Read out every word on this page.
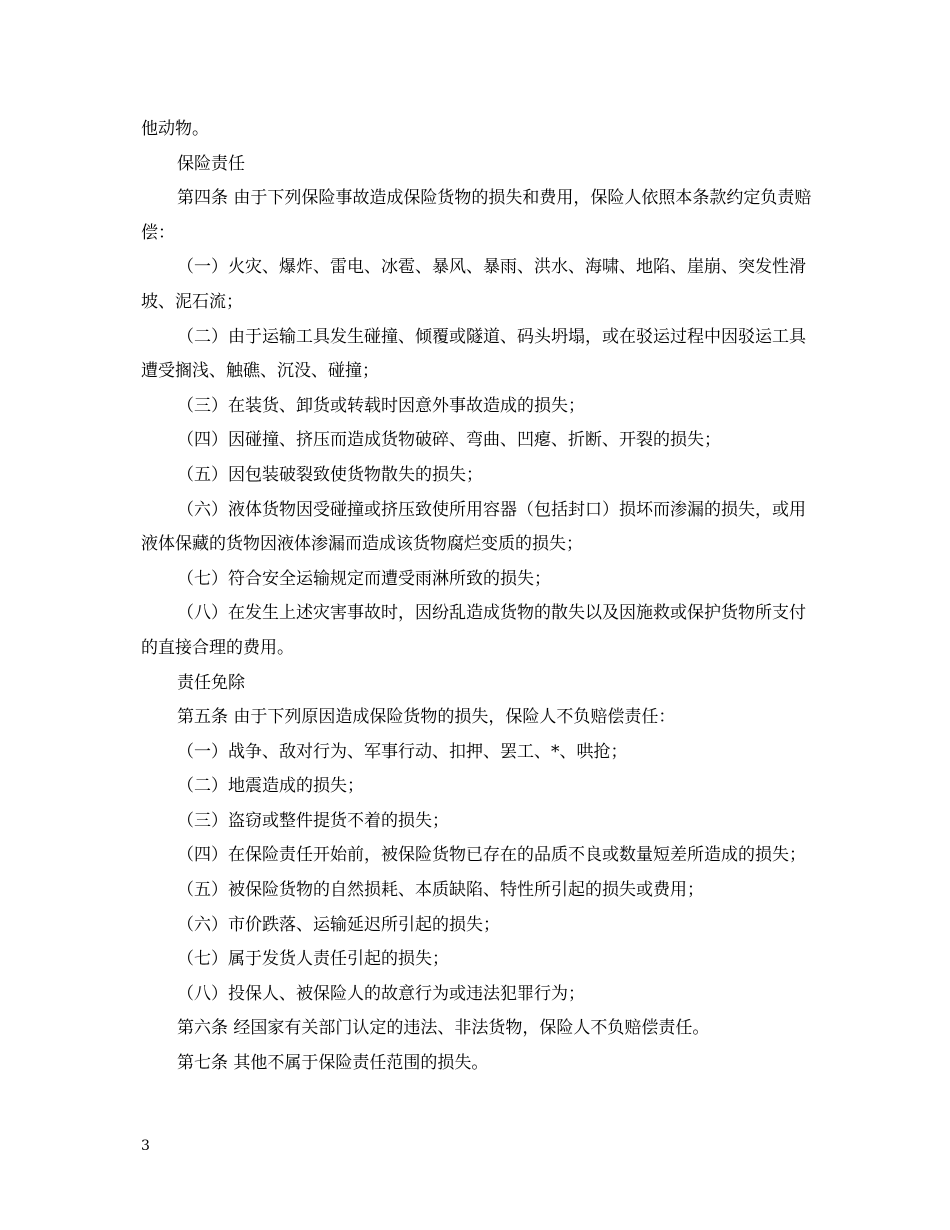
他动物。

保险责任

第四条 由于下列保险事故造成保险货物的损失和费用，保险人依照本条款约定负责赔偿：

（一）火灾、爆炸、雷电、冰雹、暴风、暴雨、洪水、海啸、地陷、崖崩、突发性滑坡、泥石流；

（二）由于运输工具发生碰撞、倾覆或隧道、码头坍塌，或在驳运过程中因驳运工具遭受搁浅、触礁、沉没、碰撞；

（三）在装货、卸货或转载时因意外事故造成的损失；

（四）因碰撞、挤压而造成货物破碎、弯曲、凹瘪、折断、开裂的损失；

（五）因包装破裂致使货物散失的损失；

（六）液体货物因受碰撞或挤压致使所用容器（包括封口）损坏而渗漏的损失，或用液体保藏的货物因液体渗漏而造成该货物腐烂变质的损失；

（七）符合安全运输规定而遭受雨淋所致的损失；

（八）在发生上述灾害事故时，因纷乱造成货物的散失以及因施救或保护货物所支付的直接合理的费用。

责任免除

第五条 由于下列原因造成保险货物的损失，保险人不负赔偿责任：

（一）战争、敌对行为、军事行动、扣押、罢工、*、哄抢；

（二）地震造成的损失；

（三）盗窃或整件提货不着的损失；

（四）在保险责任开始前，被保险货物已存在的品质不良或数量短差所造成的损失；

（五）被保险货物的自然损耗、本质缺陷、特性所引起的损失或费用；

（六）市价跌落、运输延迟所引起的损失；

（七）属于发货人责任引起的损失；

（八）投保人、被保险人的故意行为或违法犯罪行为；

第六条 经国家有关部门认定的违法、非法货物，保险人不负赔偿责任。

第七条 其他不属于保险责任范围的损失。

3
